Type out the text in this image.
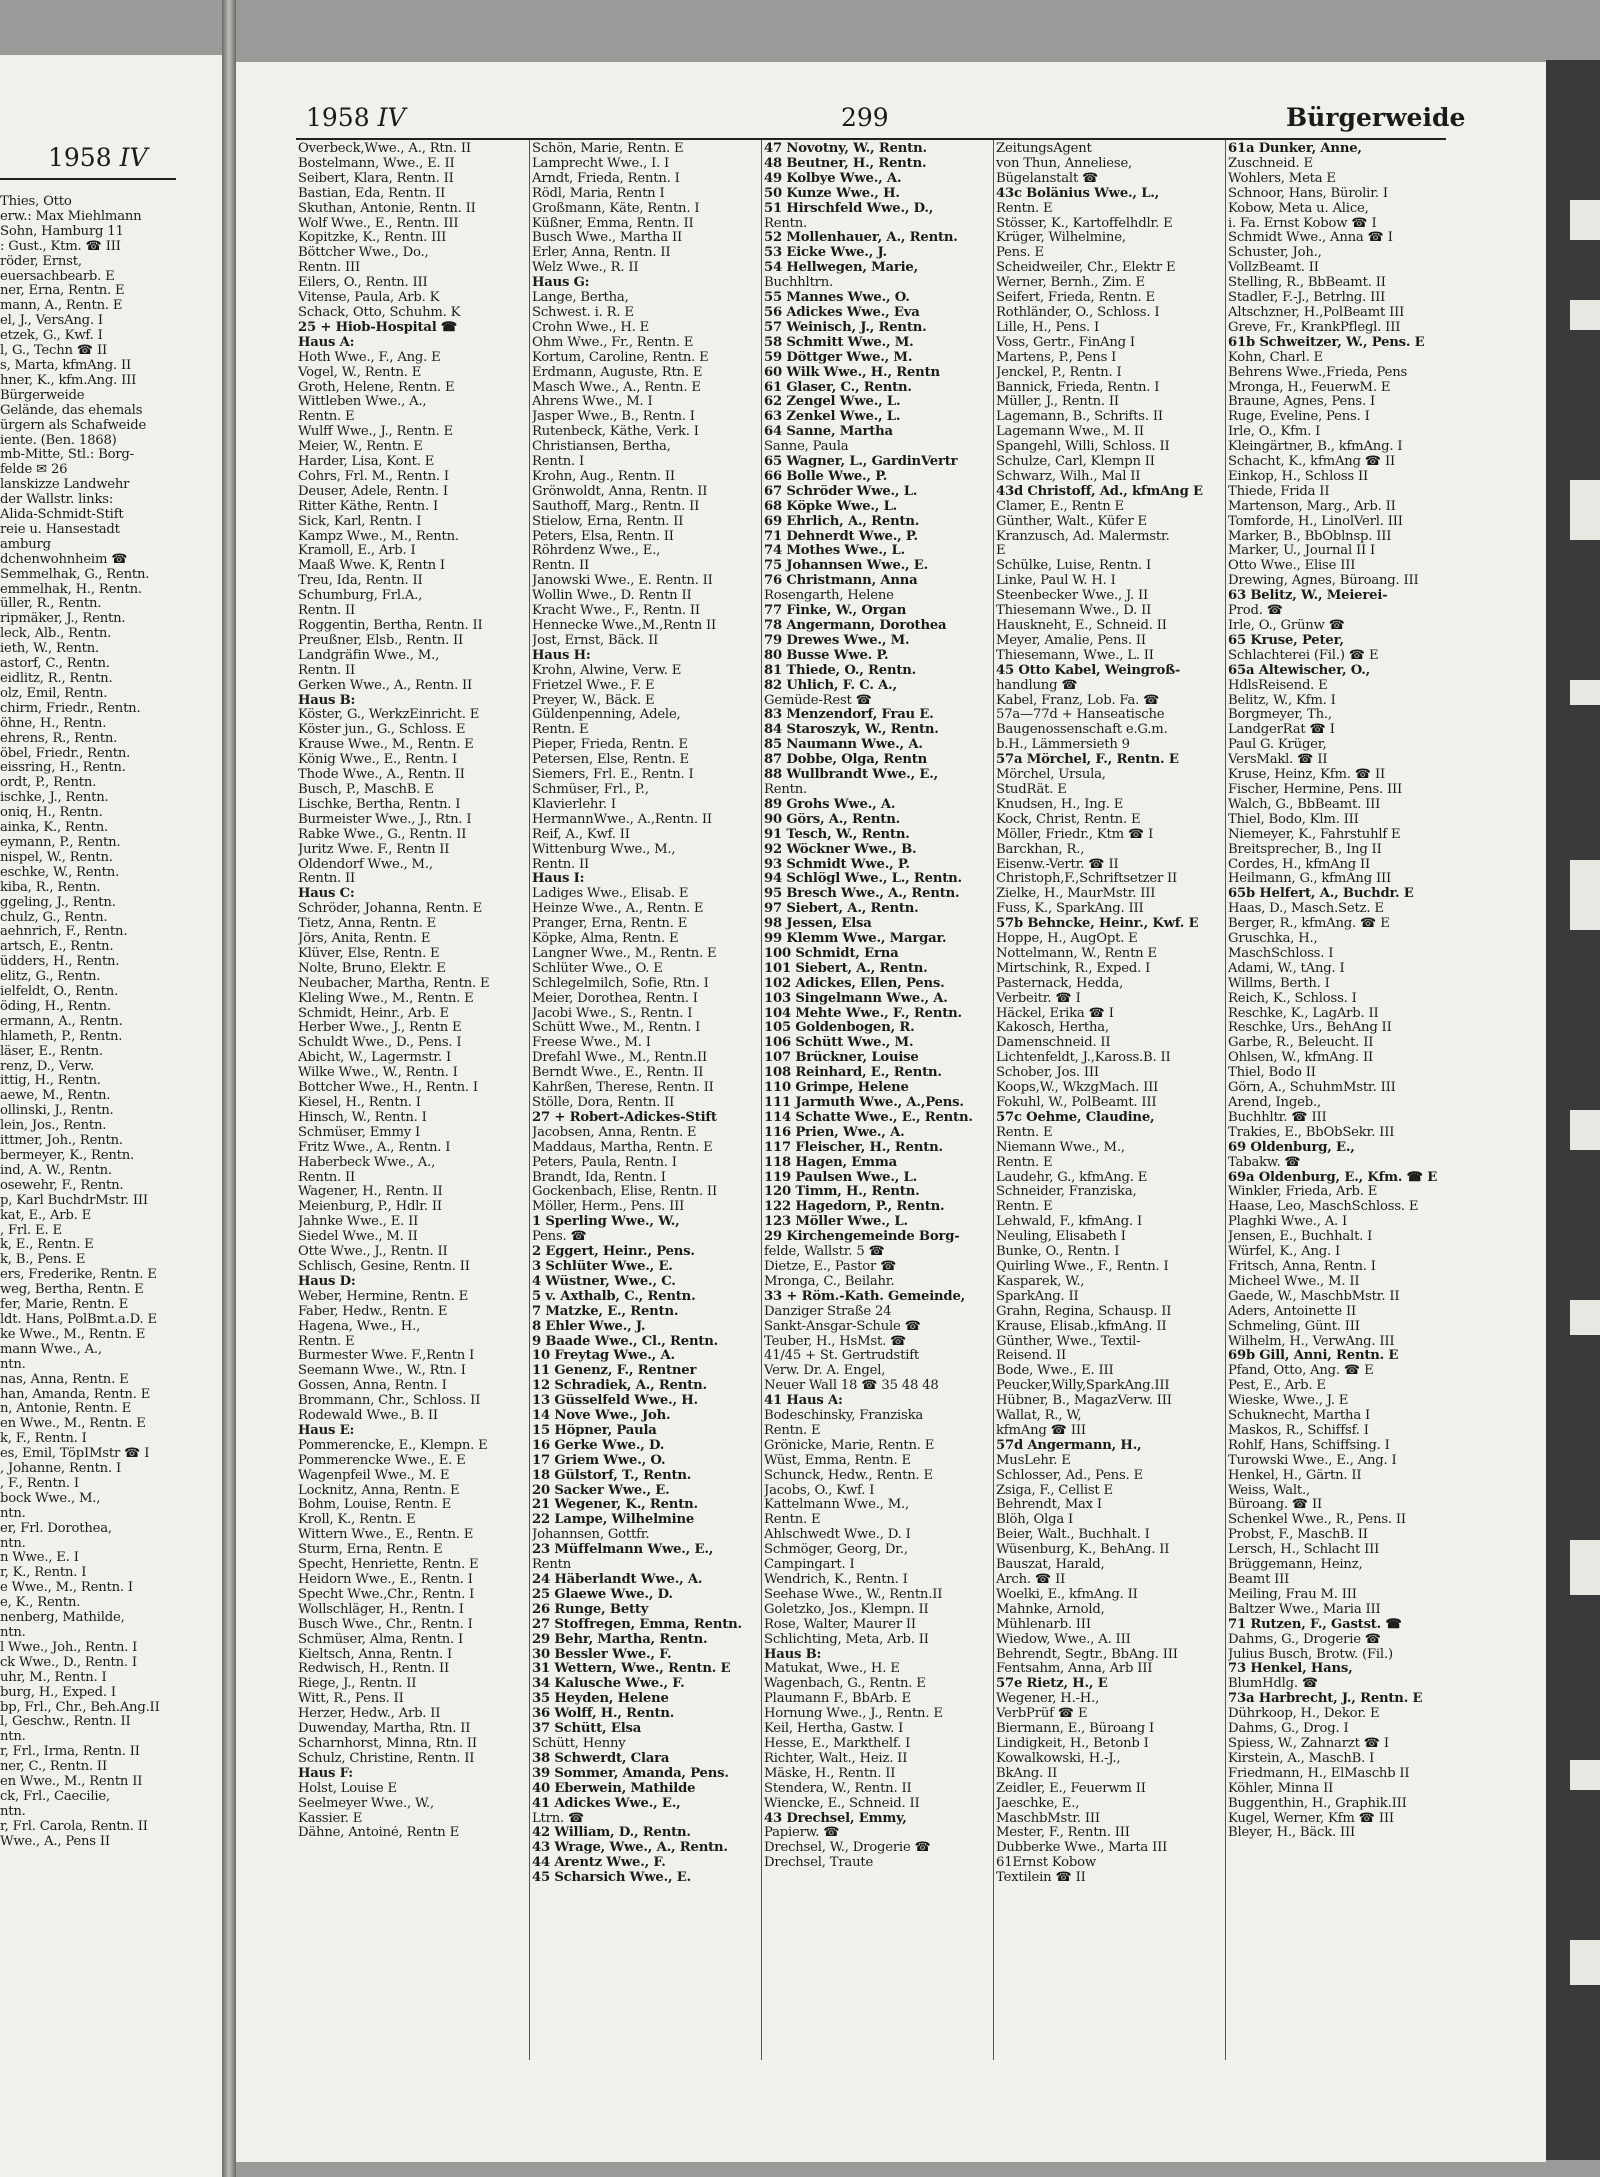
1958 IV
Thies, Otto
erw.: Max Miehlmann
Sohn, Hamburg 11
: Gust., Ktm. ☎ III
röder, Ernst,
euersachbearb. E
ner, Erna, Rentn. E
mann, A., Rentn. E
el, J., VersAng. I
etzek, G., Kwf. I
l, G., Techn ☎ II
s, Marta, kfmAng. II
hner, K., kfm.Ang. III
Bürgerweide
Gelände, das ehemals
ürgern als Schafweide
iente. (Ben. 1868)
mb-Mitte, Stl.: Borg-
felde ✉ 26
lanskizze Landwehr
der Wallstr. links:
Alida-Schmidt-Stift
reie u. Hansestadt
amburg
dchenwohnheim ☎
Semmelhak, G., Rentn.
emmelhak, H., Rentn.
üller, R., Rentn.
ripmäker, J., Rentn.
leck, Alb., Rentn.
ieth, W., Rentn.
astorf, C., Rentn.
eidlitz, R., Rentn.
olz, Emil, Rentn.
chirm, Friedr., Rentn.
öhne, H., Rentn.
ehrens, R., Rentn.
öbel, Friedr., Rentn.
eissring, H., Rentn.
ordt, P., Rentn.
ischke, J., Rentn.
oniq, H., Rentn.
ainka, K., Rentn.
eymann, P., Rentn.
nispel, W., Rentn.
eschke, W., Rentn.
kiba, R., Rentn.
ggeling, J., Rentn.
chulz, G., Rentn.
aehnrich, F., Rentn.
artsch, E., Rentn.
üdders, H., Rentn.
elitz, G., Rentn.
ielfeldt, O., Rentn.
öding, H., Rentn.
ermann, A., Rentn.
hlameth, P., Rentn.
läser, E., Rentn.
renz, D., Verw.
ittig, H., Rentn.
aewe, M., Rentn.
ollinski, J., Rentn.
lein, Jos., Rentn.
ittmer, Joh., Rentn.
bermeyer, K., Rentn.
ind, A. W., Rentn.
osewehr, F., Rentn.
p, Karl BuchdrMstr. III
kat, E., Arb. E
, Frl. E. E
k, E., Rentn. E
k, B., Pens. E
ers, Frederike, Rentn. E
weg, Bertha, Rentn. E
fer, Marie, Rentn. E
ldt. Hans, PolBmt.a.D. E
ke Wwe., M., Rentn. E
mann Wwe., A.,
ntn.
nas, Anna, Rentn. E
han, Amanda, Rentn. E
n, Antonie, Rentn. E
en Wwe., M., Rentn. E
k, F., Rentn. I
es, Emil, TöpIMstr ☎ I
, Johanne, Rentn. I
, F., Rentn. I
bock Wwe., M.,
ntn.
er, Frl. Dorothea,
ntn.
n Wwe., E. I
r, K., Rentn. I
e Wwe., M., Rentn. I
e, K., Rentn.
nenberg, Mathilde,
ntn.
l Wwe., Joh., Rentn. I
ck Wwe., D., Rentn. I
uhr, M., Rentn. I
burg, H., Exped. I
bp, Frl., Chr., Beh.Ang.II
l, Geschw., Rentn. II
ntn.
r, Frl., Irma, Rentn. II
ner, C., Rentn. II
en Wwe., M., Rentn II
ck, Frl., Caecilie,
ntn.
r, Frl. Carola, Rentn. II
Wwe., A., Pens II
1958 IV	299	Bürgerweide
Overbeck,Wwe., A., Rtn. II
Bostelmann, Wwe., E. II
Seibert, Klara, Rentn. II
Bastian, Eda, Rentn. II
Skuthan, Antonie, Rentn. II
Wolf Wwe., E., Rentn. III
Kopitzke, K., Rentn. III
Böttcher Wwe., Do.,
Rentn. III
Eilers, O., Rentn. III
Vitense, Paula, Arb. K
Schack, Otto, Schuhm. K
25 + Hiob-Hospital ☎
Haus A:
Hoth Wwe., F., Ang. E
Vogel, W., Rentn. E
Groth, Helene, Rentn. E
Wittleben Wwe., A.,
Rentn. E
Wulff Wwe., J., Rentn. E
Meier, W., Rentn. E
Harder, Lisa, Kont. E
Cohrs, Frl. M., Rentn. I
Deuser, Adele, Rentn. I
Ritter Käthe, Rentn. I
Sick, Karl, Rentn. I
Kampz Wwe., M., Rentn.
Kramoll, E., Arb. I
Maaß Wwe. K, Rentn I
Treu, Ida, Rentn. II
Schumburg, Frl.A.,
Rentn. II
Roggentin, Bertha, Rentn. II
Preußner, Elsb., Rentn. II
Landgräfin Wwe., M.,
Rentn. II
Gerken Wwe., A., Rentn. II
Haus B:
Köster, G., WerkzEinricht. E
Köster jun., G., Schloss. E
Krause Wwe., M., Rentn. E
König Wwe., E., Rentn. I
Thode Wwe., A., Rentn. II
Busch, P., MaschB. E
Lischke, Bertha, Rentn. I
Burmeister Wwe., J., Rtn. I
Rabke Wwe., G., Rentn. II
Juritz Wwe. F., Rentn II
Oldendorf Wwe., M.,
Rentn. II
Haus C:
Schröder, Johanna, Rentn. E
Tietz, Anna, Rentn. E
Jörs, Anita, Rentn. E
Klüver, Else, Rentn. E
Nolte, Bruno, Elektr. E
Neubacher, Martha, Rentn. E
Kleling Wwe., M., Rentn. E
Schmidt, Heinr., Arb. E
Herber Wwe., J., Rentn E
Schuldt Wwe., D., Pens. I
Abicht, W., Lagermstr. I
Wilke Wwe., W., Rentn. I
Bottcher Wwe., H., Rentn. I
Kiesel, H., Rentn. I
Hinsch, W., Rentn. I
Schmüser, Emmy I
Fritz Wwe., A., Rentn. I
Haberbeck Wwe., A.,
Rentn. II
Wagener, H., Rentn. II
Meienburg, P., Hdlr. II
Jahnke Wwe., E. II
Siedel Wwe., M. II
Otte Wwe., J., Rentn. II
Schlisch, Gesine, Rentn. II
Haus D:
Weber, Hermine, Rentn. E
Faber, Hedw., Rentn. E
Hagena, Wwe., H.,
Rentn. E
Burmester Wwe. F.,Rentn I
Seemann Wwe., W., Rtn. I
Gossen, Anna, Rentn. I
Brommann, Chr., Schloss. II
Rodewald Wwe., B. II
Haus E:
Pommerencke, E., Klempn. E
Pommerencke Wwe., E. E
Wagenpfeil Wwe., M. E
Locknitz, Anna, Rentn. E
Bohm, Louise, Rentn. E
Kroll, K., Rentn. E
Wittern Wwe., E., Rentn. E
Sturm, Erna, Rentn. E
Specht, Henriette, Rentn. E
Heidorn Wwe., E., Rentn. I
Specht Wwe.,Chr., Rentn. I
Wollschläger, H., Rentn. I
Busch Wwe., Chr., Rentn. I
Schmüser, Alma, Rentn. I
Kieltsch, Anna, Rentn. I
Redwisch, H., Rentn. II
Riege, J., Rentn. II
Witt, R., Pens. II
Herzer, Hedw., Arb. II
Duwenday, Martha, Rtn. II
Scharnhorst, Minna, Rtn. II
Schulz, Christine, Rentn. II
Haus F:
Holst, Louise E
Seelmeyer Wwe., W.,
Kassier. E
Dähne, Antoiné, Rentn E
Schön, Marie, Rentn. E
Lamprecht Wwe., I. I
Arndt, Frieda, Rentn. I
Rödl, Maria, Rentn I
Großmann, Käte, Rentn. I
Küßner, Emma, Rentn. II
Busch Wwe., Martha II
Erler, Anna, Rentn. II
Welz Wwe., R. II
Haus G:
Lange, Bertha,
Schwest. i. R. E
Crohn Wwe., H. E
Ohm Wwe., Fr., Rentn. E
Kortum, Caroline, Rentn. E
Erdmann, Auguste, Rtn. E
Masch Wwe., A., Rentn. E
Ahrens Wwe., M. I
Jasper Wwe., B., Rentn. I
Rutenbeck, Käthe, Verk. I
Christiansen, Bertha,
Rentn. I
Krohn, Aug., Rentn. II
Grönwoldt, Anna, Rentn. II
Sauthoff, Marg., Rentn. II
Stielow, Erna, Rentn. II
Peters, Elsa, Rentn. II
Röhrdenz Wwe., E.,
Rentn. II
Janowski Wwe., E. Rentn. II
Wollin Wwe., D. Rentn II
Kracht Wwe., F., Rentn. II
Hennecke Wwe.,M.,Rentn II
Jost, Ernst, Bäck. II
Haus H:
Krohn, Alwine, Verw. E
Frietzel Wwe., F. E
Preyer, W., Bäck. E
Güldenpenning, Adele,
Rentn. E
Pieper, Frieda, Rentn. E
Petersen, Else, Rentn. E
Siemers, Frl. E., Rentn. I
Schmüser, Frl., P.,
Klavierlehr. I
HermannWwe., A.,Rentn. II
Reif, A., Kwf. II
Wittenburg Wwe., M.,
Rentn. II
Haus I:
Ladiges Wwe., Elisab. E
Heinze Wwe., A., Rentn. E
Pranger, Erna, Rentn. E
Köpke, Alma, Rentn. E
Langner Wwe., M., Rentn. E
Schlüter Wwe., O. E
Schlegelmilch, Sofie, Rtn. I
Meier, Dorothea, Rentn. I
Jacobi Wwe., S., Rentn. I
Schütt Wwe., M., Rentn. I
Freese Wwe., M. I
Drefahl Wwe., M., Rentn.II
Berndt Wwe., E., Rentn. II
Kahrßen, Therese, Rentn. II
Stölle, Dora, Rentn. II
27 + Robert-Adickes-Stift
Jacobsen, Anna, Rentn. E
Maddaus, Martha, Rentn. E
Peters, Paula, Rentn. I
Brandt, Ida, Rentn. I
Gockenbach, Elise, Rentn. II
Möller, Herm., Pens. III
1 Sperling Wwe., W.,
Pens. ☎
2 Eggert, Heinr., Pens.
3 Schlüter Wwe., E.
4 Wüstner, Wwe., C.
5 v. Axthalb, C., Rentn.
7 Matzke, E., Rentn.
8 Ehler Wwe., J.
9 Baade Wwe., Cl., Rentn.
10 Freytag Wwe., A.
11 Genenz, F., Rentner
12 Schradiek, A., Rentn.
13 Güsselfeld Wwe., H.
14 Nove Wwe., Joh.
15 Höpner, Paula
16 Gerke Wwe., D.
17 Griem Wwe., O.
18 Gülstorf, T., Rentn.
20 Sacker Wwe., E.
21 Wegener, K., Rentn.
22 Lampe, Wilhelmine
Johannsen, Gottfr.
23 Müffelmann Wwe., E.,
Rentn
24 Häberlandt Wwe., A.
25 Glaewe Wwe., D.
26 Runge, Betty
27 Stoffregen, Emma, Rentn.
29 Behr, Martha, Rentn.
30 Bessler Wwe., F.
31 Wettern, Wwe., Rentn. E
34 Kalusche Wwe., F.
35 Heyden, Helene
36 Wolff, H., Rentn.
37 Schütt, Elsa
Schütt, Henny
38 Schwerdt, Clara
39 Sommer, Amanda, Pens.
40 Eberwein, Mathilde
41 Adickes Wwe., E.,
Ltrn. ☎
42 William, D., Rentn.
43 Wrage, Wwe., A., Rentn.
44 Arentz Wwe., F.
45 Scharsich Wwe., E.
47 Novotny, W., Rentn.
48 Beutner, H., Rentn.
49 Kolbye Wwe., A.
50 Kunze Wwe., H.
51 Hirschfeld Wwe., D.,
Rentn.
52 Mollenhauer, A., Rentn.
53 Eicke Wwe., J.
54 Hellwegen, Marie,
Buchhltrn.
55 Mannes Wwe., O.
56 Adickes Wwe., Eva
57 Weinisch, J., Rentn.
58 Schmitt Wwe., M.
59 Döttger Wwe., M.
60 Wilk Wwe., H., Rentn
61 Glaser, C., Rentn.
62 Zengel Wwe., L.
63 Zenkel Wwe., L.
64 Sanne, Martha
Sanne, Paula
65 Wagner, L., GardinVertr
66 Bolle Wwe., P.
67 Schröder Wwe., L.
68 Köpke Wwe., L.
69 Ehrlich, A., Rentn.
71 Dehnerdt Wwe., P.
74 Mothes Wwe., L.
75 Johannsen Wwe., E.
76 Christmann, Anna
Rosengarth, Helene
77 Finke, W., Organ
78 Angermann, Dorothea
79 Drewes Wwe., M.
80 Busse Wwe. P.
81 Thiede, O., Rentn.
82 Uhlich, F. C. A.,
Gemüde-Rest ☎
83 Menzendorf, Frau E.
84 Staroszyk, W., Rentn.
85 Naumann Wwe., A.
87 Dobbe, Olga, Rentn
88 Wullbrandt Wwe., E.,
Rentn.
89 Grohs Wwe., A.
90 Görs, A., Rentn.
91 Tesch, W., Rentn.
92 Wöckner Wwe., B.
93 Schmidt Wwe., P.
94 Schlögl Wwe., L., Rentn.
95 Bresch Wwe., A., Rentn.
97 Siebert, A., Rentn.
98 Jessen, Elsa
99 Klemm Wwe., Margar.
100 Schmidt, Erna
101 Siebert, A., Rentn.
102 Adickes, Ellen, Pens.
103 Singelmann Wwe., A.
104 Mehte Wwe., F., Rentn.
105 Goldenbogen, R.
106 Schütt Wwe., M.
107 Brückner, Louise
108 Reinhard, E., Rentn.
110 Grimpe, Helene
111 Jarmuth Wwe., A.,Pens.
114 Schatte Wwe., E., Rentn.
116 Prien, Wwe., A.
117 Fleischer, H., Rentn.
118 Hagen, Emma
119 Paulsen Wwe., L.
120 Timm, H., Rentn.
122 Hagedorn, P., Rentn.
123 Möller Wwe., L.
29 Kirchengemeinde Borg-
felde, Wallstr. 5 ☎
Dietze, E., Pastor ☎
Mronga, C., Beilahr.
33 + Röm.-Kath. Gemeinde,
Danziger Straße 24
Sankt-Ansgar-Schule ☎
Teuber, H., HsMst. ☎
41/45 + St. Gertrudstift
Verw. Dr. A. Engel,
Neuer Wall 18 ☎ 35 48 48
41 Haus A:
Bodeschinsky, Franziska
Rentn. E
Grönicke, Marie, Rentn. E
Wüst, Emma, Rentn. E
Schunck, Hedw., Rentn. E
Jacobs, O., Kwf. I
Kattelmann Wwe., M.,
Rentn. E
Ahlschwedt Wwe., D. I
Schmöger, Georg, Dr.,
Campingart. I
Wendrich, K., Rentn. I
Seehase Wwe., W., Rentn.II
Goletzko, Jos., Klempn. II
Rose, Walter, Maurer II
Schlichting, Meta, Arb. II
Haus B:
Matukat, Wwe., H. E
Wagenbach, G., Rentn. E
Plaumann F., BbArb. E
Hornung Wwe., J., Rentn. E
Keil, Hertha, Gastw. I
Hesse, E., Markthelf. I
Richter, Walt., Heiz. II
Mäske, H., Rentn. II
Stendera, W., Rentn. II
Wiencke, E., Schneid. II
43 Drechsel, Emmy,
Papierw. ☎
Drechsel, W., Drogerie ☎
Drechsel, Traute
ZeitungsAgent
von Thun, Anneliese,
Bügelanstalt ☎
43c Bolänius Wwe., L.,
Rentn. E
Stösser, K., Kartoffelhdlr. E
Krüger, Wilhelmine,
Pens. E
Scheidweiler, Chr., Elektr E
Werner, Bernh., Zim. E
Seifert, Frieda, Rentn. E
Rothländer, O., Schloss. I
Lille, H., Pens. I
Voss, Gertr., FinAng I
Martens, P., Pens I
Jenckel, P., Rentn. I
Bannick, Frieda, Rentn. I
Müller, J., Rentn. II
Lagemann, B., Schrifts. II
Lagemann Wwe., M. II
Spangehl, Willi, Schloss. II
Schulze, Carl, Klempn II
Schwarz, Wilh., Mal II
43d Christoff, Ad., kfmAng E
Clamer, E., Rentn E
Günther, Walt., Küfer E
Kranzusch, Ad. Malermstr.
E
Schülke, Luise, Rentn. I
Linke, Paul W. H. I
Steenbecker Wwe., J. II
Thiesemann Wwe., D. II
Hauskneht, E., Schneid. II
Meyer, Amalie, Pens. II
Thiesemann, Wwe., L. II
45 Otto Kabel, Weingroß-
handlung ☎
Kabel, Franz, Lob. Fa. ☎
57a—77d + Hanseatische
Baugenossenschaft e.G.m.
b.H., Lämmersieth 9
57a Mörchel, F., Rentn. E
Mörchel, Ursula,
StudRät. E
Knudsen, H., Ing. E
Kock, Christ, Rentn. E
Möller, Friedr., Ktm ☎ I
Barckhan, R.,
Eisenw.-Vertr. ☎ II
Christoph,F.,Schriftsetzer II
Zielke, H., MaurMstr. III
Fuss, K., SparkAng. III
57b Behncke, Heinr., Kwf. E
Hoppe, H., AugOpt. E
Nottelmann, W., Rentn E
Mirtschink, R., Exped. I
Pasternack, Hedda,
Verbeitr. ☎ I
Häckel, Erika ☎ I
Kakosch, Hertha,
Damenschneid. II
Lichtenfeldt, J.,Kaross.B. II
Schober, Jos. III
Koops,W., WkzgMach. III
Fokuhl, W., PolBeamt. III
57c Oehme, Claudine,
Rentn. E
Niemann Wwe., M.,
Rentn. E
Laudehr, G., kfmAng. E
Schneider, Franziska,
Rentn. E
Lehwald, F., kfmAng. I
Neuling, Elisabeth I
Bunke, O., Rentn. I
Quirling Wwe., F., Rentn. I
Kasparek, W.,
SparkAng. II
Grahn, Regina, Schausp. II
Krause, Elisab.,kfmAng. II
Günther, Wwe., Textil-
Reisend. II
Bode, Wwe., E. III
Peucker,Willy,SparkAng.III
Hübner, B., MagazVerw. III
Wallat, R., W,
kfmAng ☎ III
57d Angermann, H.,
MusLehr. E
Schlosser, Ad., Pens. E
Zsiga, F., Cellist E
Behrendt, Max I
Blöh, Olga I
Beier, Walt., Buchhalt. I
Wüsenburg, K., BehAng. II
Bauszat, Harald,
Arch. ☎ II
Woelki, E., kfmAng. II
Mahnke, Arnold,
Mühlenarb. III
Wiedow, Wwe., A. III
Behrendt, Segtr., BbAng. III
Fentsahm, Anna, Arb III
57e Rietz, H., E
Wegener, H.-H.,
VerbPrüf ☎ E
Biermann, E., Büroang I
Lindigkeit, H., Betonb I
Kowalkowski, H.-J.,
BkAng. II
Zeidler, E., Feuerwm II
Jaeschke, E.,
MaschbMstr. III
Mester, F., Rentn. III
Dubberke Wwe., Marta III
61Ernst Kobow
Textilein ☎ II
61a Dunker, Anne,
Zuschneid. E
Wohlers, Meta E
Schnoor, Hans, Bürolir. I
Kobow, Meta u. Alice,
i. Fa. Ernst Kobow ☎ I
Schmidt Wwe., Anna ☎ I
Schuster, Joh.,
VollzBeamt. II
Stelling, R., BbBeamt. II
Stadler, F.-J., Betrlng. III
Altschzner, H.,PolBeamt III
Greve, Fr., KrankPflegl. III
61b Schweitzer, W., Pens. E
Kohn, Charl. E
Behrens Wwe.,Frieda, Pens
Mronga, H., FeuerwM. E
Braune, Agnes, Pens. I
Ruge, Eveline, Pens. I
Irle, O., Kfm. I
Kleingärtner, B., kfmAng. I
Schacht, K., kfmAng ☎ II
Einkop, H., Schloss II
Thiede, Frida II
Martenson, Marg., Arb. II
Tomforde, H., LinolVerl. III
Marker, B., BbOblnsp. III
Marker, U., Journal II I
Otto Wwe., Elise III
Drewing, Agnes, Büroang. III
63 Belitz, W., Meierei-
Prod. ☎
Irle, O., Grünw ☎
65 Kruse, Peter,
Schlachterei (Fil.) ☎ E
65a Altewischer, O.,
HdlsReisend. E
Belitz, W., Kfm. I
Borgmeyer, Th.,
LandgerRat ☎ I
Paul G. Krüger,
VersMakl. ☎ II
Kruse, Heinz, Kfm. ☎ II
Fischer, Hermine, Pens. III
Walch, G., BbBeamt. III
Thiel, Bodo, Klm. III
Niemeyer, K., Fahrstuhlf E
Breitsprecher, B., Ing II
Cordes, H., kfmAng II
Heilmann, G., kfmAng III
65b Helfert, A., Buchdr. E
Haas, D., Masch.Setz. E
Berger, R., kfmAng. ☎ E
Gruschka, H.,
MaschSchloss. I
Adami, W., tAng. I
Willms, Berth. I
Reich, K., Schloss. I
Reschke, K., LagArb. II
Reschke, Urs., BehAng II
Garbe, R., Beleucht. II
Ohlsen, W., kfmAng. II
Thiel, Bodo II
Görn, A., SchuhmMstr. III
Arend, Ingeb.,
Buchhltr. ☎ III
Trakies, E., BbObSekr. III
69 Oldenburg, E.,
Tabakw. ☎
69a Oldenburg, E., Kfm. ☎ E
Winkler, Frieda, Arb. E
Haase, Leo, MaschSchloss. E
Plaghki Wwe., A. I
Jensen, E., Buchhalt. I
Würfel, K., Ang. I
Fritsch, Anna, Rentn. I
Micheel Wwe., M. II
Gaede, W., MaschbMstr. II
Aders, Antoinette II
Schmeling, Günt. III
Wilhelm, H., VerwAng. III
69b Gill, Anni, Rentn. E
Pfand, Otto, Ang. ☎ E
Pest, E., Arb. E
Wieske, Wwe., J. E
Schuknecht, Martha I
Maskos, R., Schiffsf. I
Rohlf, Hans, Schiffsing. I
Turowski Wwe., E., Ang. I
Henkel, H., Gärtn. II
Weiss, Walt.,
Büroang. ☎ II
Schenkel Wwe., R., Pens. II
Probst, F., MaschB. II
Lersch, H., Schlacht III
Brüggemann, Heinz,
Beamt III
Meiling, Frau M. III
Baltzer Wwe., Maria III
71 Rutzen, F., Gastst. ☎
Dahms, G., Drogerie ☎
Julius Busch, Brotw. (Fil.)
73 Henkel, Hans,
BlumHdlg. ☎
73a Harbrecht, J., Rentn. E
Dührkoop, H., Dekor. E
Dahms, G., Drog. I
Spiess, W., Zahnarzt ☎ I
Kirstein, A., MaschB. I
Friedmann, H., ElMaschb II
Köhler, Minna II
Buggenthin, H., Graphik.III
Kugel, Werner, Kfm ☎ III
Bleyer, H., Bäck. III
